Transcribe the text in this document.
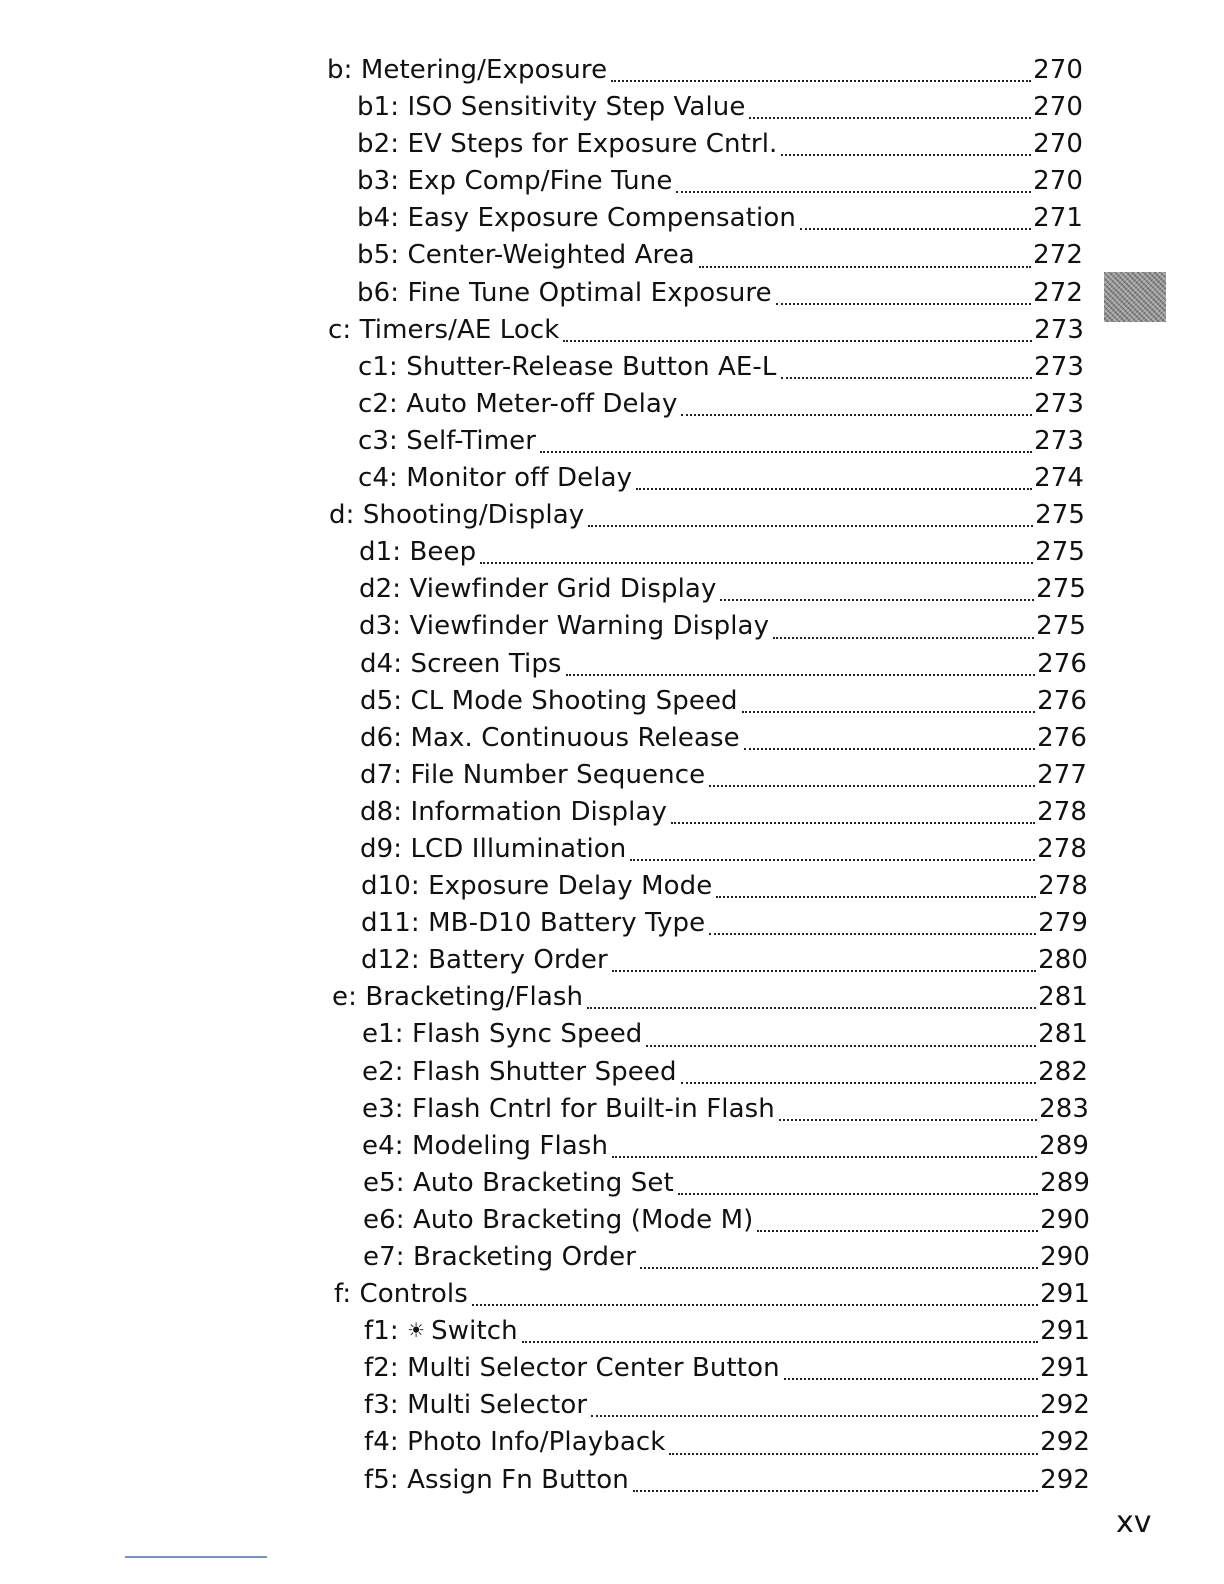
b: Metering/Exposure	270
b1: ISO Sensitivity Step Value	270
b2: EV Steps for Exposure Cntrl.	270
b3: Exp Comp/Fine Tune	270
b4: Easy Exposure Compensation	271
b5: Center-Weighted Area	272
b6: Fine Tune Optimal Exposure	272
c: Timers/AE Lock	273
c1: Shutter-Release Button AE-L	273
c2: Auto Meter-off Delay	273
c3: Self-Timer	273
c4: Monitor off Delay	274
d: Shooting/Display	275
d1: Beep	275
d2: Viewfinder Grid Display	275
d3: Viewfinder Warning Display	275
d4: Screen Tips	276
d5: CL Mode Shooting Speed	276
d6: Max. Continuous Release	276
d7: File Number Sequence	277
d8: Information Display	278
d9: LCD Illumination	278
d10: Exposure Delay Mode	278
d11: MB-D10 Battery Type	279
d12: Battery Order	280
e: Bracketing/Flash	281
e1: Flash Sync Speed	281
e2: Flash Shutter Speed	282
e3: Flash Cntrl for Built-in Flash	283
e4: Modeling Flash	289
e5: Auto Bracketing Set	289
e6: Auto Bracketing (Mode M)	290
e7: Bracketing Order	290
f: Controls	291
f1: ☀ Switch	291
f2: Multi Selector Center Button	291
f3: Multi Selector	292
f4: Photo Info/Playback	292
f5: Assign Fn Button	292
xv
